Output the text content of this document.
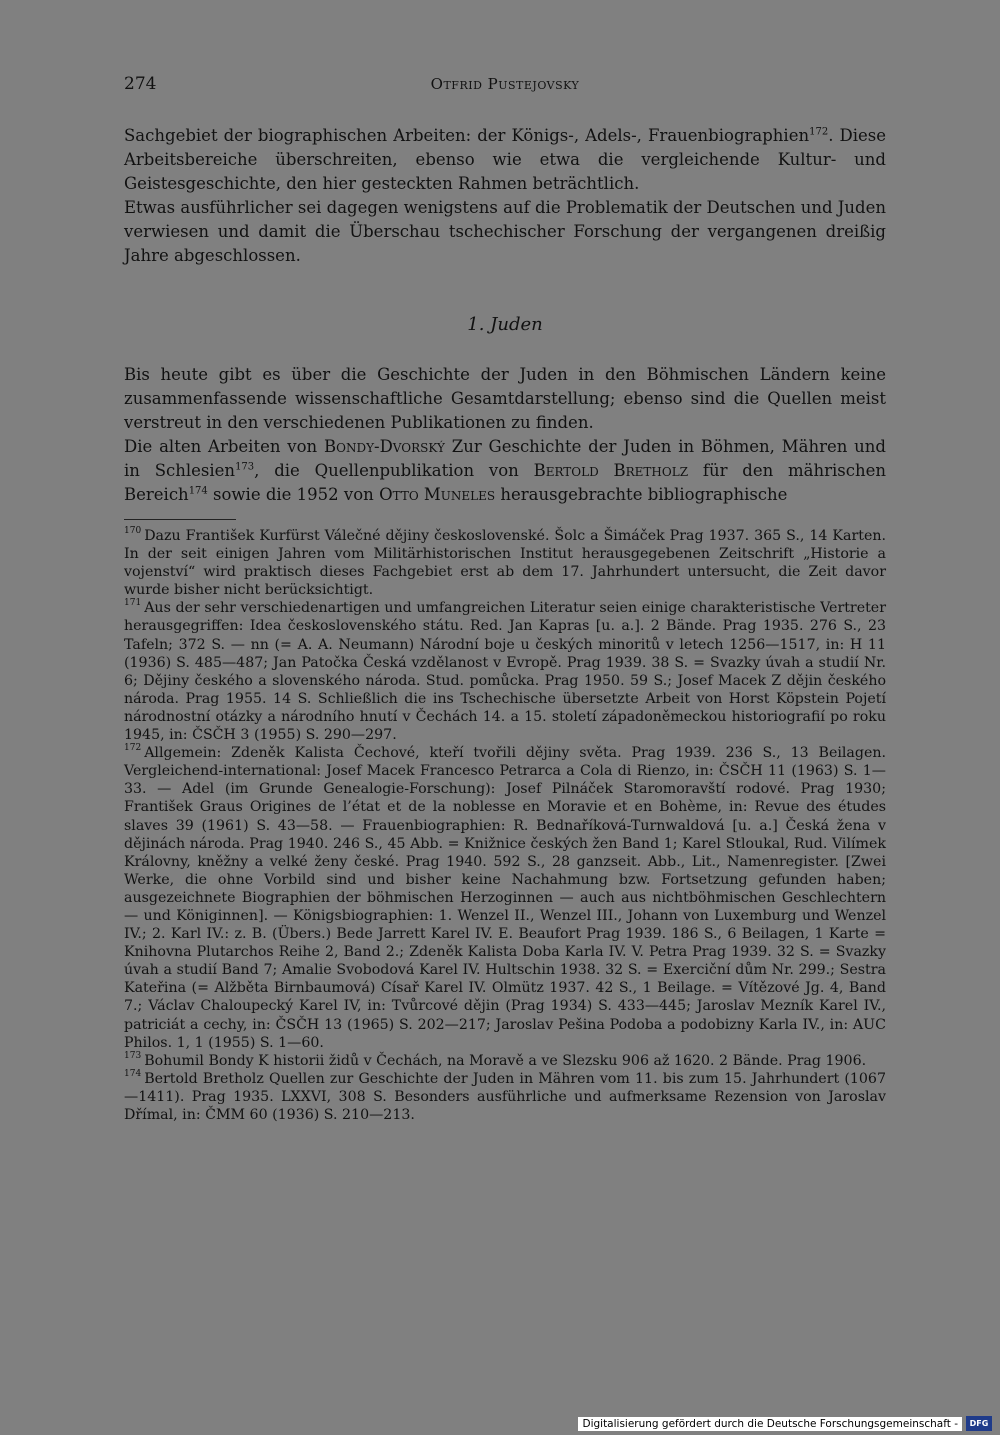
274	Otfrid Pustejovsky

Sachgebiet der biographischen Arbeiten: der Königs-, Adels-, Frauenbiographien$^{172}$. Diese Arbeitsbereiche überschreiten, ebenso wie etwa die vergleichende Kultur- und Geistesgeschichte, den hier gesteckten Rahmen beträchtlich.

Etwas ausführlicher sei dagegen wenigstens auf die Problematik der Deutschen und Juden verwiesen und damit die Überschau tschechischer Forschung der vergangenen dreißig Jahre abgeschlossen.

1. Juden

Bis heute gibt es über die Geschichte der Juden in den Böhmischen Ländern keine zusammenfassende wissenschaftliche Gesamtdarstellung; ebenso sind die Quellen meist verstreut in den verschiedenen Publikationen zu finden.

Die alten Arbeiten von Bondy-Dvorský Zur Geschichte der Juden in Böhmen, Mähren und in Schlesien$^{173}$, die Quellenpublikation von Bertold Bretholz für den mährischen Bereich$^{174}$ sowie die 1952 von Otto Muneles herausgebrachte bibliographische

$^{170}$ Dazu František Kurfürst Válečné dějiny československé. Šolc a Šimáček Prag 1937. 365 S., 14 Karten. In der seit einigen Jahren vom Militärhistorischen Institut herausgegebenen Zeitschrift „Historie a vojenství“ wird praktisch dieses Fachgebiet erst ab dem 17. Jahrhundert untersucht, die Zeit davor wurde bisher nicht berücksichtigt.

$^{171}$ Aus der sehr verschiedenartigen und umfangreichen Literatur seien einige charakteristische Vertreter herausgegriffen: Idea československého státu. Red. Jan Kapras [u. a.]. 2 Bände. Prag 1935. 276 S., 23 Tafeln; 372 S. — nn (= A. A. Neumann) Národní boje u českých minoritů v letech 1256—1517, in: H 11 (1936) S. 485—487; Jan Patočka Česká vzdělanost v Evropě. Prag 1939. 38 S. = Svazky úvah a studií Nr. 6; Dějiny českého a slovenského národa. Stud. pomůcka. Prag 1950. 59 S.; Josef Macek Z dějin českého národa. Prag 1955. 14 S. Schließlich die ins Tschechische übersetzte Arbeit von Horst Köpstein Pojetí národnostní otázky a národního hnutí v Čechách 14. a 15. století západoněmeckou historiografií po roku 1945, in: ČSČH 3 (1955) S. 290—297.

$^{172}$ Allgemein: Zdeněk Kalista Čechové, kteří tvořili dějiny světa. Prag 1939. 236 S., 13 Beilagen. Vergleichend-international: Josef Macek Francesco Petrarca a Cola di Rienzo, in: ČSČH 11 (1963) S. 1—33. — Adel (im Grunde Genealogie-Forschung): Josef Pilnáček Staromoravští rodové. Prag 1930; František Graus Origines de l’état et de la noblesse en Moravie et en Bohème, in: Revue des études slaves 39 (1961) S. 43—58. — Frauenbiographien: R. Bednaříková-Turnwaldová [u. a.] Česká žena v dějinách národa. Prag 1940. 246 S., 45 Abb. = Knižnice českých žen Band 1; Karel Stloukal, Rud. Vilímek Královny, kněžny a velké ženy české. Prag 1940. 592 S., 28 ganzseit. Abb., Lit., Namenregister. [Zwei Werke, die ohne Vorbild sind und bisher keine Nachahmung bzw. Fortsetzung gefunden haben; ausgezeichnete Biographien der böhmischen Herzoginnen — auch aus nichtböhmischen Geschlechtern — und Königinnen]. — Königsbiographien: 1. Wenzel II., Wenzel III., Johann von Luxemburg und Wenzel IV.; 2. Karl IV.: z. B. (Übers.) Bede Jarrett Karel IV. E. Beaufort Prag 1939. 186 S., 6 Beilagen, 1 Karte = Knihovna Plutarchos Reihe 2, Band 2.; Zdeněk Kalista Doba Karla IV. V. Petra Prag 1939. 32 S. = Svazky úvah a studií Band 7; Amalie Svobodová Karel IV. Hultschin 1938. 32 S. = Exerciční dům Nr. 299.; Sestra Kateřina (= Alžběta Birnbaumová) Císař Karel IV. Olmütz 1937. 42 S., 1 Beilage. = Vítězové Jg. 4, Band 7.; Václav Chaloupecký Karel IV, in: Tvůrcové dějin (Prag 1934) S. 433—445; Jaroslav Mezník Karel IV., patriciát a cechy, in: ČSČH 13 (1965) S. 202—217; Jaroslav Pešina Podoba a podobizny Karla IV., in: AUC Philos. 1, 1 (1955) S. 1—60.

$^{173}$ Bohumil Bondy K historii židů v Čechách, na Moravě a ve Slezsku 906 až 1620. 2 Bände. Prag 1906.

$^{174}$ Bertold Bretholz Quellen zur Geschichte der Juden in Mähren vom 11. bis zum 15. Jahrhundert (1067—1411). Prag 1935. LXXVI, 308 S. Besonders ausführliche und aufmerksame Rezension von Jaroslav Dřímal, in: ČMM 60 (1936) S. 210—213.

Digitalisierung gefördert durch die Deutsche Forschungsgemeinschaft -	DFG
